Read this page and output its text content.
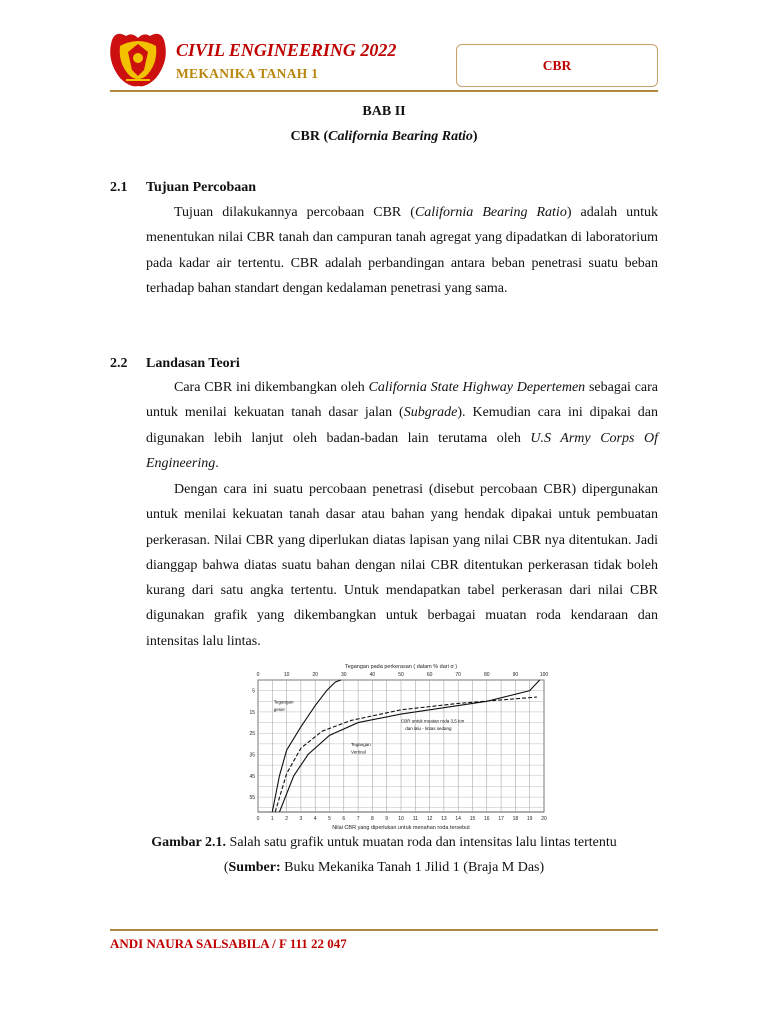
CIVIL ENGINEERING 2022
MEKANIKA TANAH 1
CBR
BAB II
CBR (California Bearing Ratio)
2.1 Tujuan Percobaan

Tujuan dilakukannya percobaan CBR (California Bearing Ratio) adalah untuk menentukan nilai CBR tanah dan campuran tanah agregat yang dipadatkan di laboratorium pada kadar air tertentu. CBR adalah perbandingan antara beban penetrasi suatu beban terhadap bahan standart dengan kedalaman penetrasi yang sama.

2.2 Landasan Teori

Cara CBR ini dikembangkan oleh California State Highway Depertemen sebagai cara untuk menilai kekuatan tanah dasar jalan (Subgrade). Kemudian cara ini dipakai dan digunakan lebih lanjut oleh badan-badan lain terutama oleh U.S Army Corps Of Engineering.

Dengan cara ini suatu percobaan penetrasi (disebut percobaan CBR) dipergunakan untuk menilai kekuatan tanah dasar atau bahan yang hendak dipakai untuk pembuatan perkerasan. Nilai CBR yang diperlukan diatas lapisan yang nilai CBR nya ditentukan. Jadi dianggap bahwa diatas suatu bahan dengan nilai CBR ditentukan perkerasan tidak boleh kurang dari satu angka tertentu. Untuk mendapatkan tabel perkerasan dari nilai CBR digunakan grafik yang dikembangkan untuk berbagai muatan roda kendaraan dan intensitas lalu lintas.

Tegangan pada perkerasan ( dalam % dari σ )
0 1 2 3 4 5 6 7 8 9 10 11 12 13 14 15 16 17 18 19 20
0	10	20	30	40	50	60	70	80	90	100
5
15
25
35
45
55
Tegangan
geser
CBR untuk muatan roda 3,5 ton
dan lalu - lintas sedang
Tegangan
Vertical
Nilai CBR yang diperlukan untuk menahan roda tersebut
Gambar 2.1. Salah satu grafik untuk muatan roda dan intensitas lalu lintas tertentu
(Sumber: Buku Mekanika Tanah 1 Jilid 1 (Braja M Das)
ANDI NAURA SALSABILA / F 111 22 047
